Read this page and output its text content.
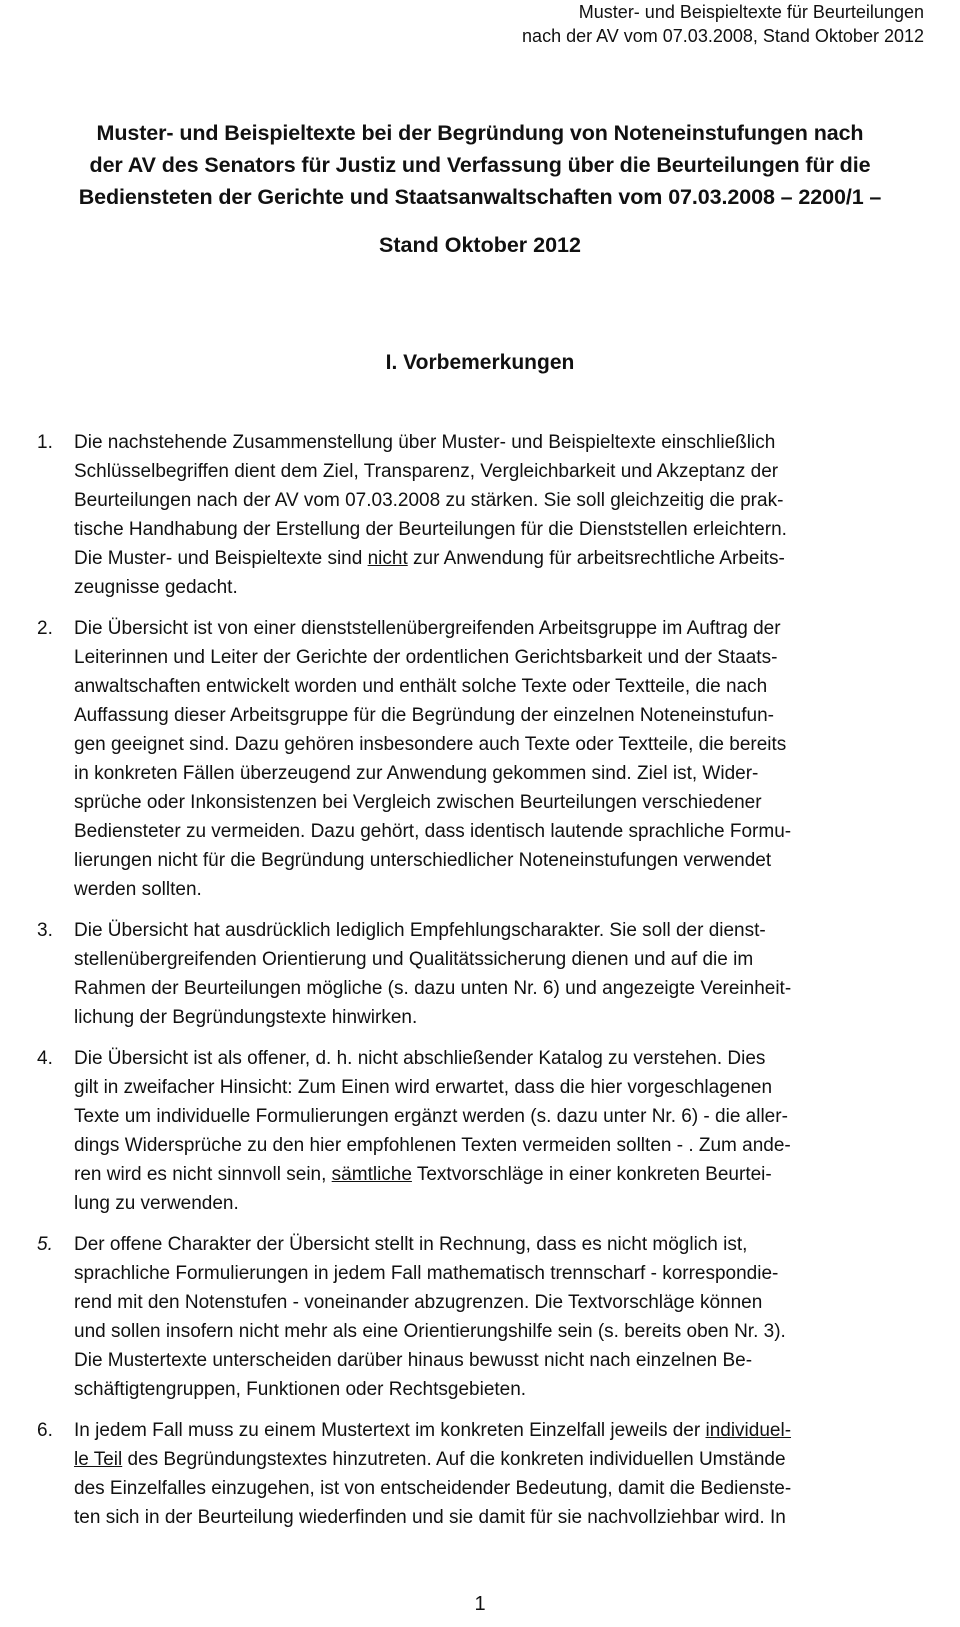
Muster- und Beispieltexte für Beurteilungen
nach der AV vom 07.03.2008, Stand Oktober 2012
Muster- und Beispieltexte bei der Begründung von Noteneinstufungen nach
der AV des Senators für Justiz und Verfassung über die Beurteilungen für die
Bediensteten der Gerichte und Staatsanwaltschaften vom 07.03.2008 – 2200/1 –
Stand Oktober 2012
I. Vorbemerkungen
1. Die nachstehende Zusammenstellung über Muster- und Beispieltexte einschließlich
Schlüsselbegriffen dient dem Ziel, Transparenz, Vergleichbarkeit und Akzeptanz der
Beurteilungen nach der AV vom 07.03.2008 zu stärken. Sie soll gleichzeitig die prak-
tische Handhabung der Erstellung der Beurteilungen für die Dienststellen erleichtern.
Die Muster- und Beispieltexte sind nicht zur Anwendung für arbeitsrechtliche Arbeits-
zeugnisse gedacht.
2. Die Übersicht ist von einer dienststellenübergreifenden Arbeitsgruppe im Auftrag der
Leiterinnen und Leiter der Gerichte der ordentlichen Gerichtsbarkeit und der Staats-
anwaltschaften entwickelt worden und enthält solche Texte oder Textteile, die nach
Auffassung dieser Arbeitsgruppe für die Begründung der einzelnen Noteneinstufun-
gen geeignet sind. Dazu gehören insbesondere auch Texte oder Textteile, die bereits
in konkreten Fällen überzeugend zur Anwendung gekommen sind. Ziel ist, Wider-
sprüche oder Inkonsistenzen bei Vergleich zwischen Beurteilungen verschiedener
Bediensteter zu vermeiden. Dazu gehört, dass identisch lautende sprachliche Formu-
lierungen nicht für die Begründung unterschiedlicher Noteneinstufungen verwendet
werden sollten.
3. Die Übersicht hat ausdrücklich lediglich Empfehlungscharakter. Sie soll der dienst-
stellenübergreifenden Orientierung und Qualitätssicherung dienen und auf die im
Rahmen der Beurteilungen mögliche (s. dazu unten Nr. 6) und angezeigte Vereinheit-
lichung der Begründungstexte hinwirken.
4. Die Übersicht ist als offener, d. h. nicht abschließender Katalog zu verstehen. Dies
gilt in zweifacher Hinsicht: Zum Einen wird erwartet, dass die hier vorgeschlagenen
Texte um individuelle Formulierungen ergänzt werden (s. dazu unter Nr. 6) - die aller-
dings Widersprüche zu den hier empfohlenen Texten vermeiden sollten - . Zum ande-
ren wird es nicht sinnvoll sein, sämtliche Textvorschläge in einer konkreten Beurtei-
lung zu verwenden.
5. Der offene Charakter der Übersicht stellt in Rechnung, dass es nicht möglich ist,
sprachliche Formulierungen in jedem Fall mathematisch trennscharf - korrespondie-
rend mit den Notenstufen - voneinander abzugrenzen. Die Textvorschläge können
und sollen insofern nicht mehr als eine Orientierungshilfe sein (s. bereits oben Nr. 3).
Die Mustertexte unterscheiden darüber hinaus bewusst nicht nach einzelnen Be-
schäftigtengruppen, Funktionen oder Rechtsgebieten.
6. In jedem Fall muss zu einem Mustertext im konkreten Einzelfall jeweils der individuel-
le Teil des Begründungstextes hinzutreten. Auf die konkreten individuellen Umstände
des Einzelfalles einzugehen, ist von entscheidender Bedeutung, damit die Bedienste-
ten sich in der Beurteilung wiederfinden und sie damit für sie nachvollziehbar wird. In
1
